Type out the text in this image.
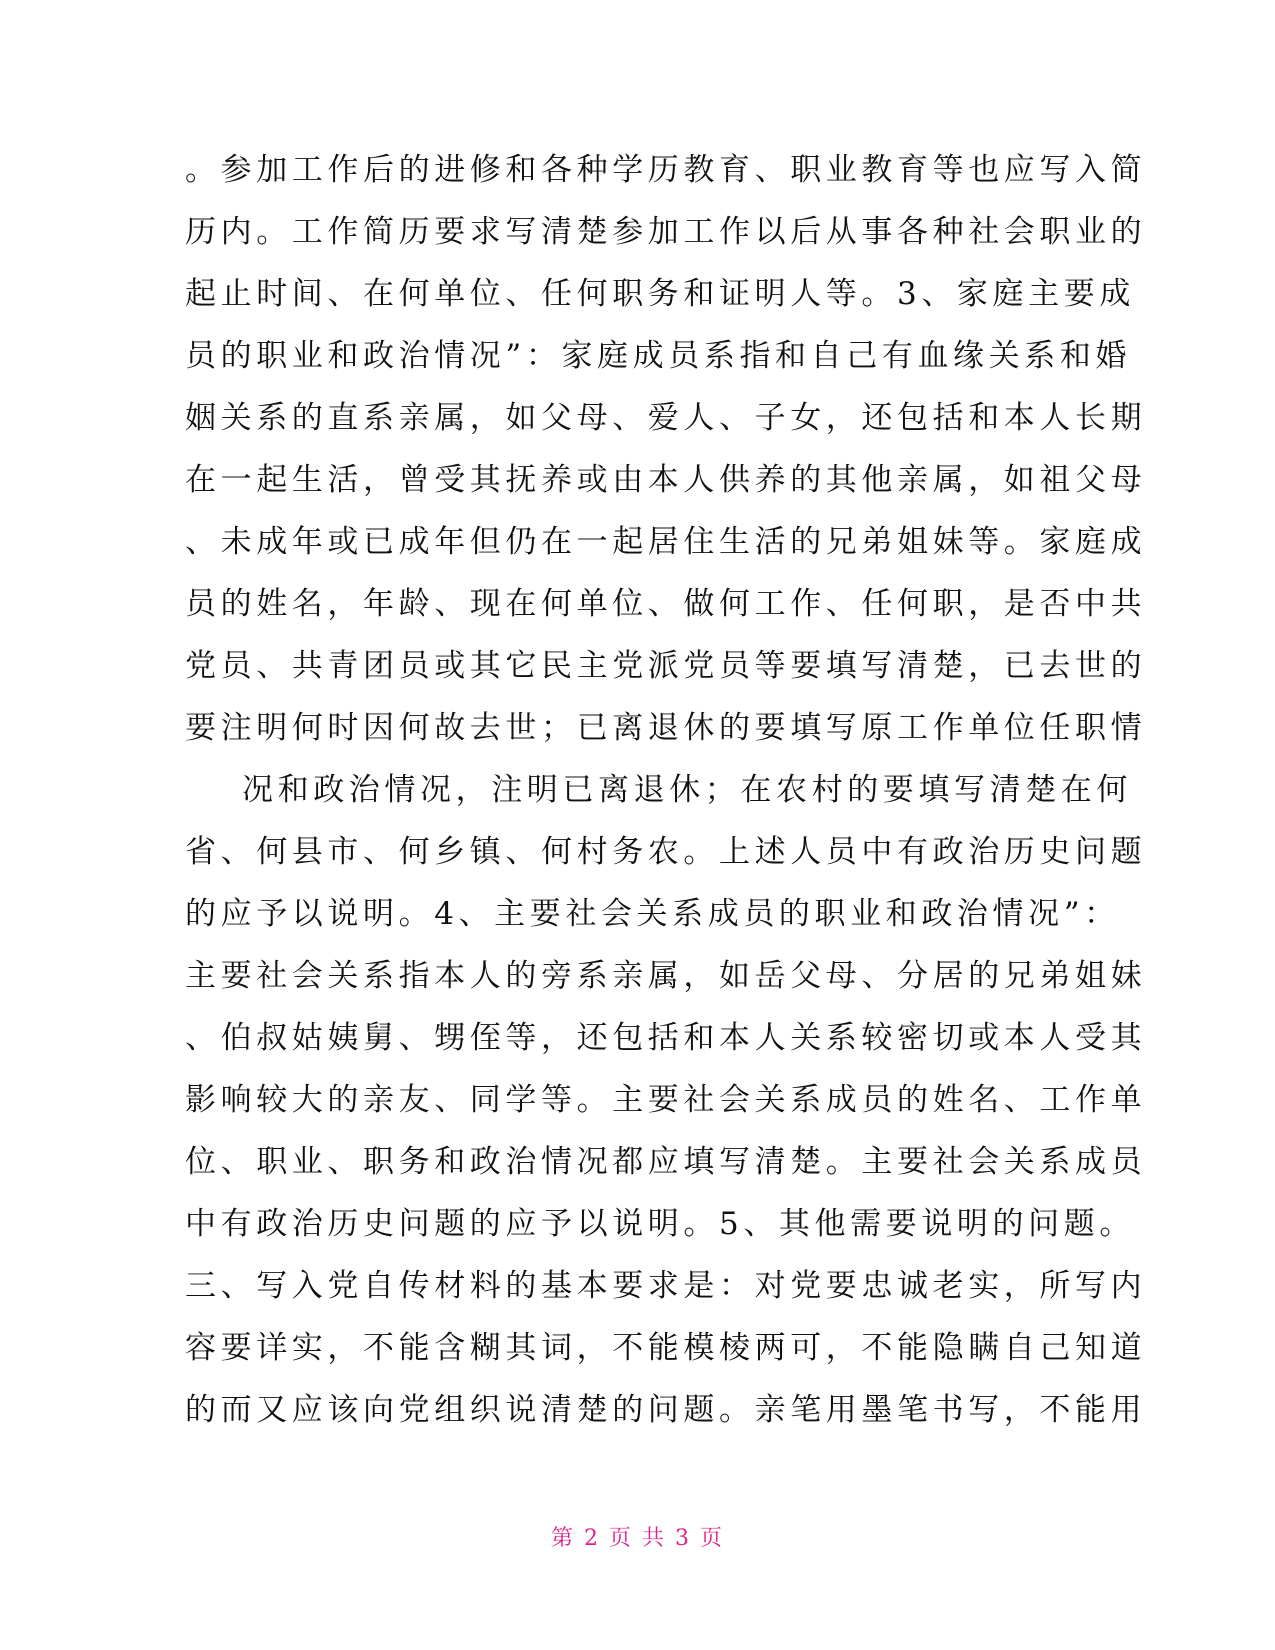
。参加工作后的进修和各种学历教育、职业教育等也应写入简
历内。工作简历要求写清楚参加工作以后从事各种社会职业的
起止时间、在何单位、任何职务和证明人等。3、家庭主要成
员的职业和政治情况”：家庭成员系指和自己有血缘关系和婚
姻关系的直系亲属，如父母、爱人、子女，还包括和本人长期
在一起生活，曾受其抚养或由本人供养的其他亲属，如祖父母
、未成年或已成年但仍在一起居住生活的兄弟姐妹等。家庭成
员的姓名，年龄、现在何单位、做何工作、任何职，是否中共
党员、共青团员或其它民主党派党员等要填写清楚，已去世的
要注明何时因何故去世；已离退休的要填写原工作单位任职情
况和政治情况，注明已离退休；在农村的要填写清楚在何
省、何县市、何乡镇、何村务农。上述人员中有政治历史问题
的应予以说明。4、主要社会关系成员的职业和政治情况”：
主要社会关系指本人的旁系亲属，如岳父母、分居的兄弟姐妹
、伯叔姑姨舅、甥侄等，还包括和本人关系较密切或本人受其
影响较大的亲友、同学等。主要社会关系成员的姓名、工作单
位、职业、职务和政治情况都应填写清楚。主要社会关系成员
中有政治历史问题的应予以说明。5、其他需要说明的问题。
三、写入党自传材料的基本要求是：对党要忠诚老实，所写内
容要详实，不能含糊其词，不能模棱两可，不能隐瞒自己知道
的而又应该向党组织说清楚的问题。亲笔用墨笔书写，不能用
第 2 页 共 3 页
